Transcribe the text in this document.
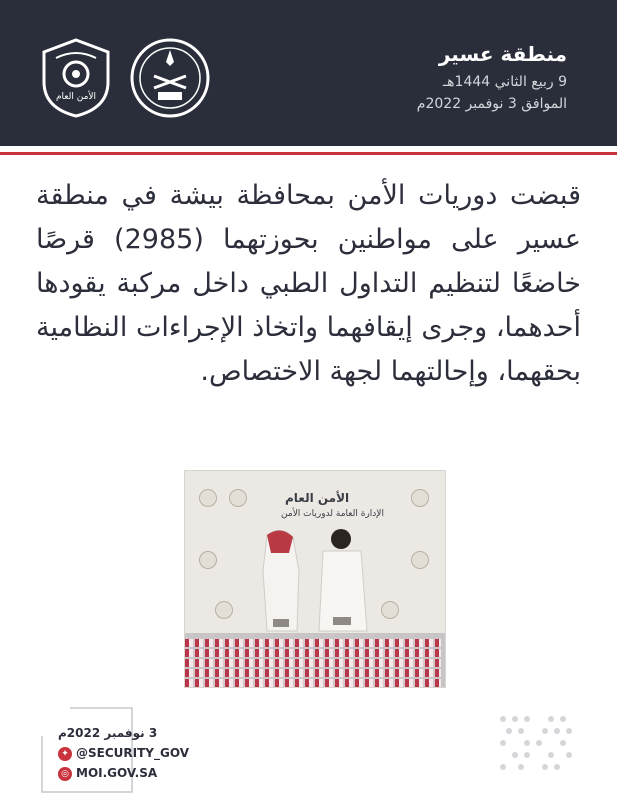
الأمن العام
منطقة عسير
9 ربيع الثاني 1444هـ
الموافق 3 نوفمبر 2022م
قبضت دوريات الأمن بمحافظة بيشة في منطقة عسير على مواطنين بحوزتهما (2985) قرصًا خاضعًا لتنظيم التداول الطبي داخل مركبة يقودها أحدهما، وجرى إيقافهما واتخاذ الإجراءات النظامية بحقهما، وإحالتهما لجهة الاختصاص.
الأمن العام
الإدارة العامة لدوريات الأمن
3 نوفمبر 2022م
✦ @SECURITY_GOV
◎ MOI.GOV.SA
